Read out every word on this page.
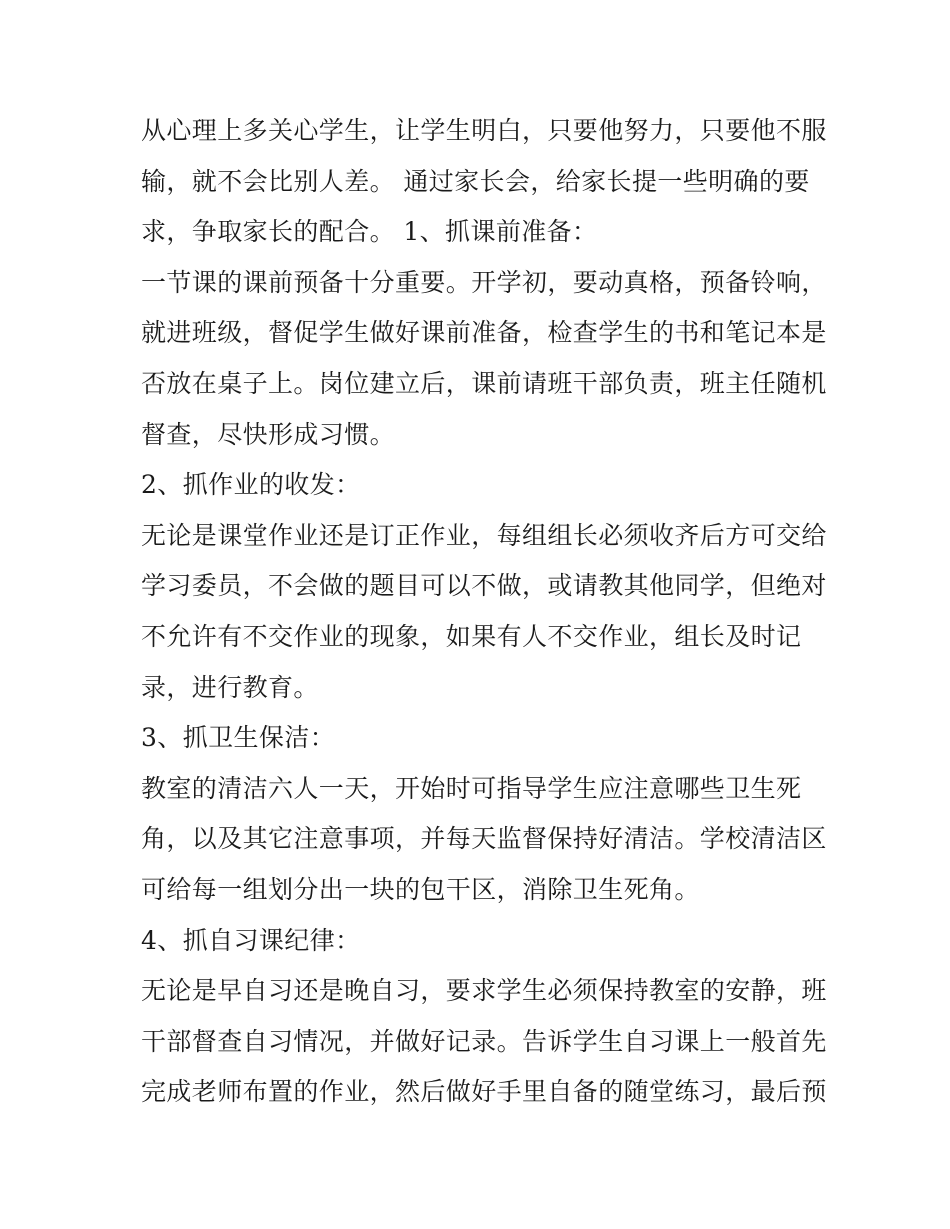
从心理上多关心学生，让学生明白，只要他努力，只要他不服
输，就不会比别人差。 通过家长会，给家长提一些明确的要
求，争取家长的配合。 1、抓课前准备：
一节课的课前预备十分重要。开学初，要动真格，预备铃响，
就进班级，督促学生做好课前准备，检查学生的书和笔记本是
否放在桌子上。岗位建立后，课前请班干部负责，班主任随机
督查，尽快形成习惯。
2、抓作业的收发：
无论是课堂作业还是订正作业，每组组长必须收齐后方可交给
学习委员，不会做的题目可以不做，或请教其他同学，但绝对
不允许有不交作业的现象，如果有人不交作业，组长及时记
录，进行教育。
3、抓卫生保洁：
教室的清洁六人一天，开始时可指导学生应注意哪些卫生死
角，以及其它注意事项，并每天监督保持好清洁。学校清洁区
可给每一组划分出一块的包干区，消除卫生死角。
4、抓自习课纪律：
无论是早自习还是晚自习，要求学生必须保持教室的安静，班
干部督查自习情况，并做好记录。告诉学生自习课上一般首先
完成老师布置的作业，然后做好手里自备的随堂练习，最后预
